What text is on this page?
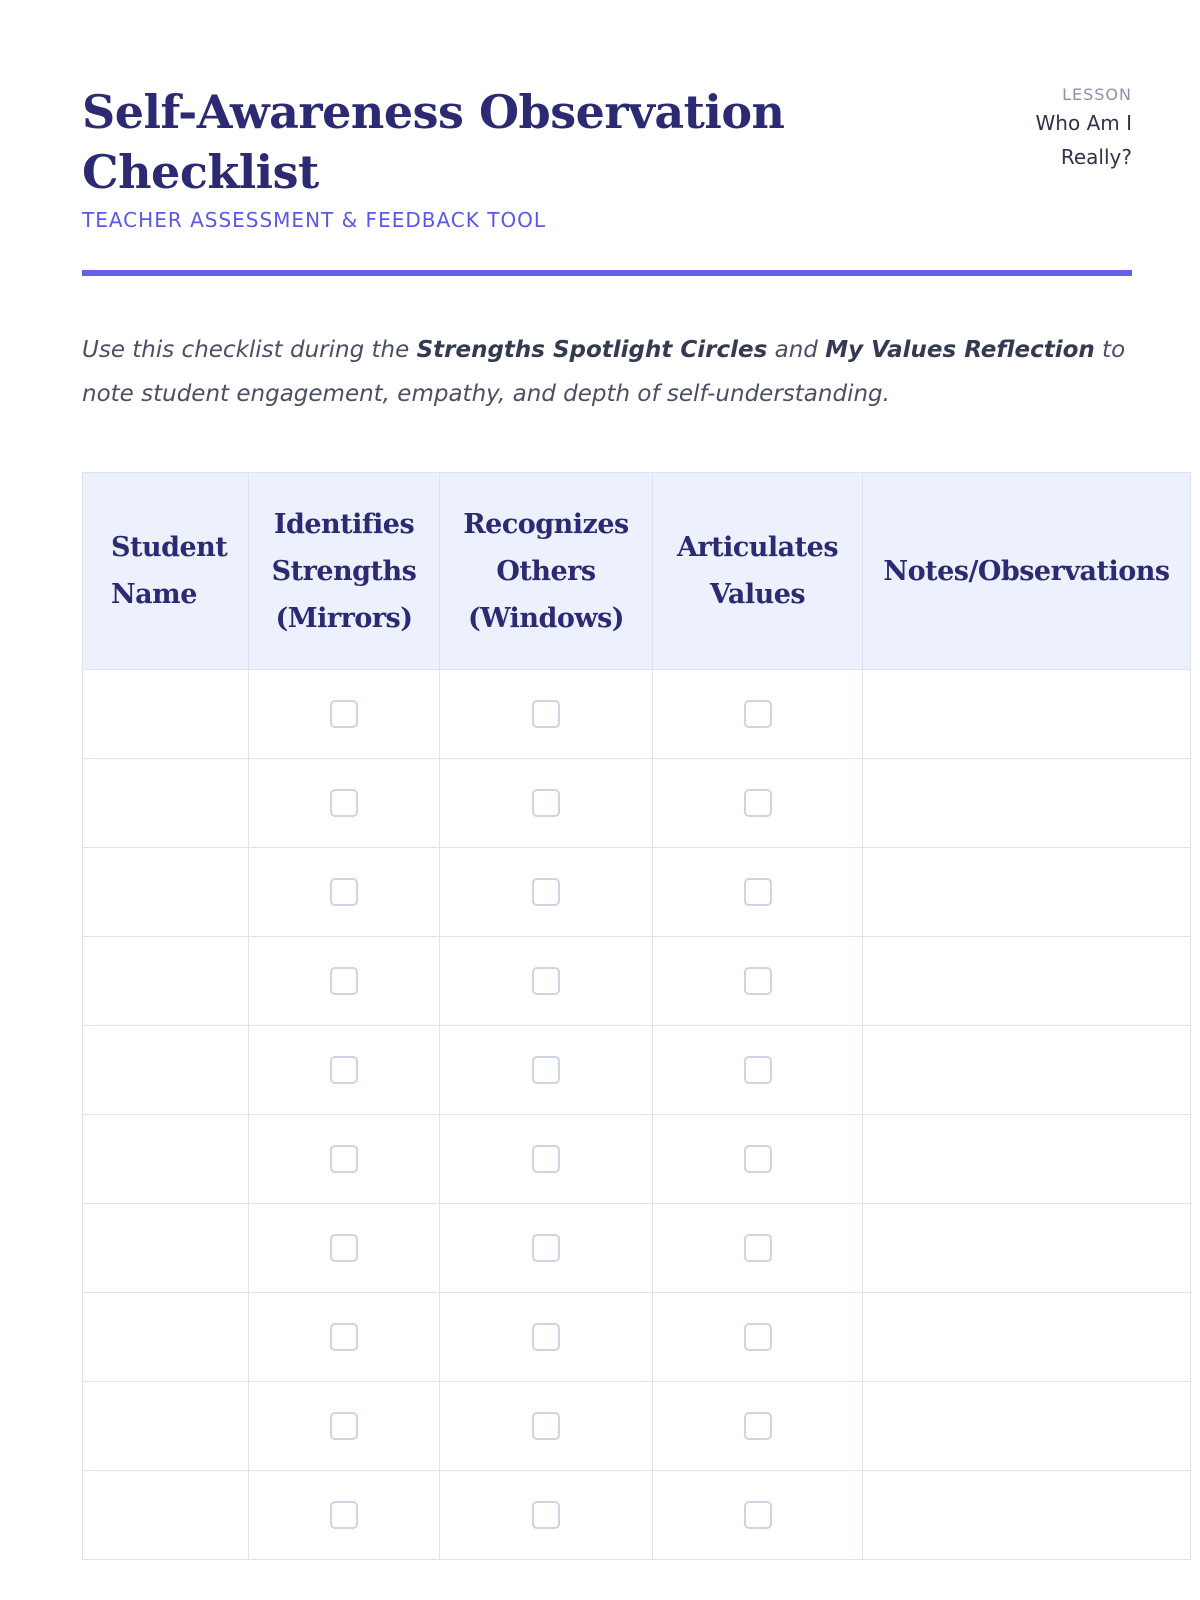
Self-Awareness Observation Checklist
TEACHER ASSESSMENT & FEEDBACK TOOL
LESSON
Who Am I Really?

Use this checklist during the Strengths Spotlight Circles and My Values Reflection to note student engagement, empathy, and depth of self-understanding.

Student Name	Identifies Strengths (Mirrors)	Recognizes Others (Windows)	Articulates Values	Notes/Observations
